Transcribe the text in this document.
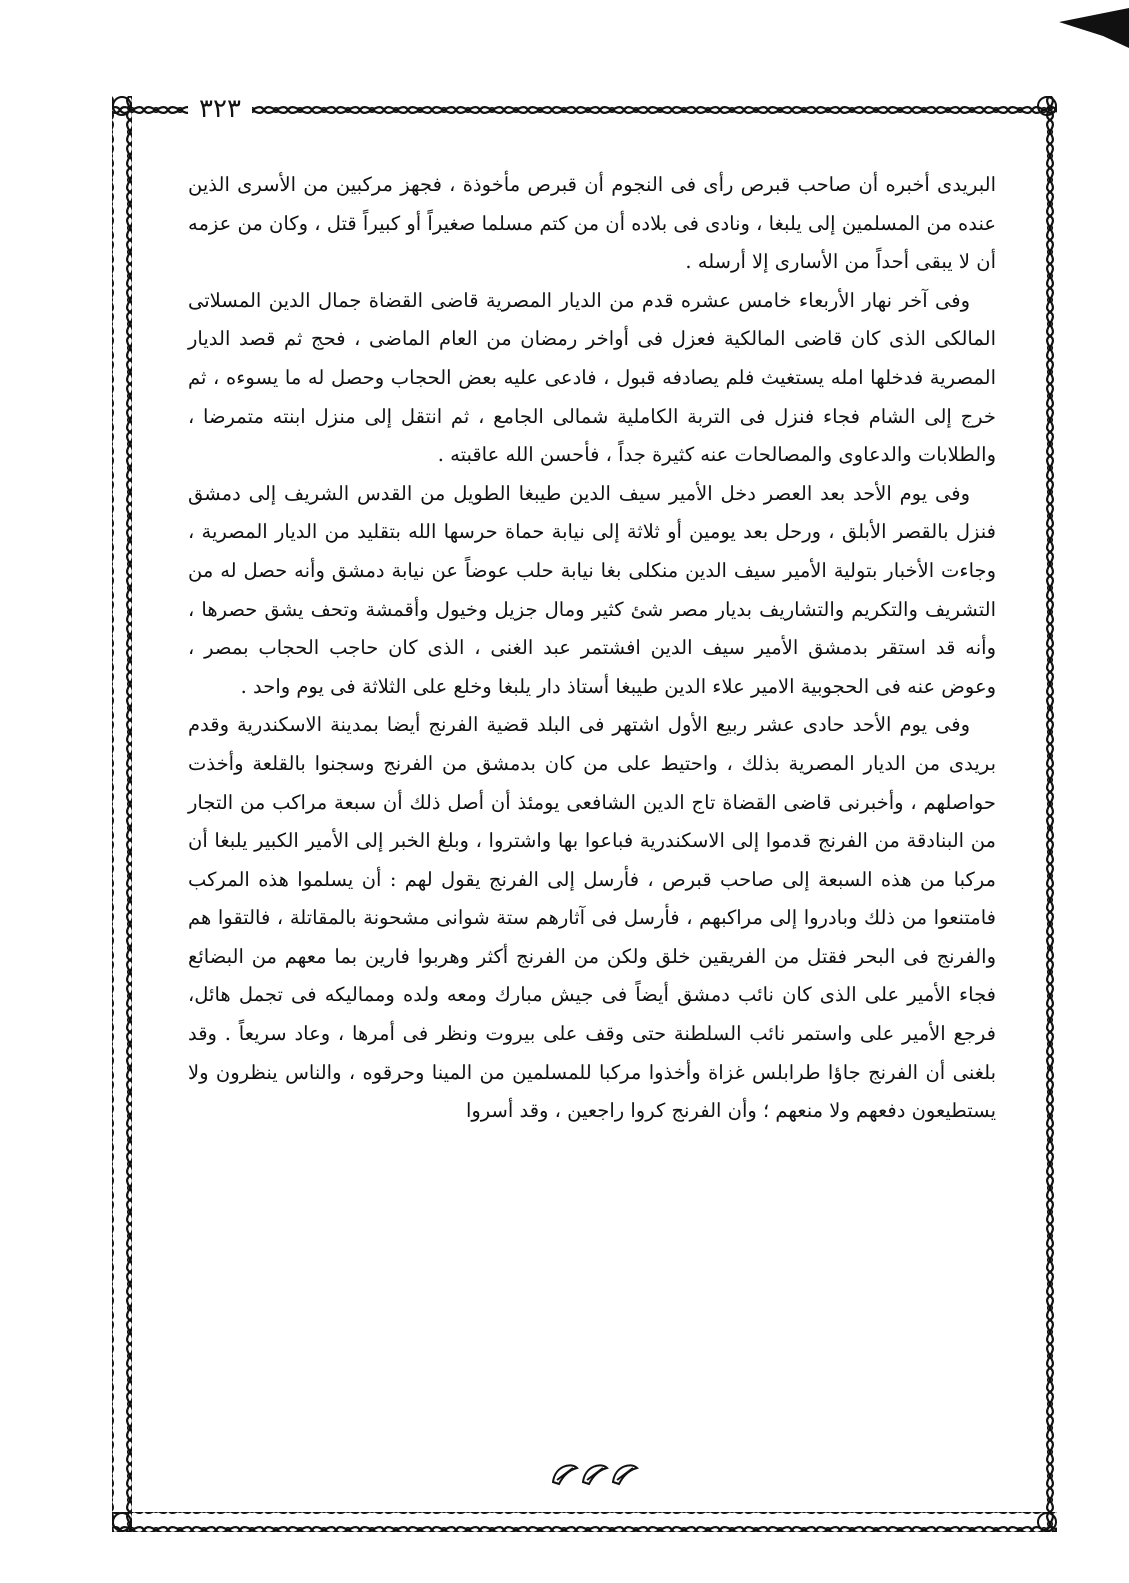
٣٢٣

البريدى أخبره أن صاحب قبرص رأى فى النجوم أن قبرص مأخوذة ، فجهز مركبين من الأسرى الذين عنده من المسلمين إلى يلبغا ، ونادى فى بلاده أن من كتم مسلما صغيراً أو كبيراً قتل ، وكان من عزمه أن لا يبقى أحداً من الأسارى إلا أرسله .

وفى آخر نهار الأربعاء خامس عشره قدم من الديار المصرية قاضى القضاة جمال الدين المسلاتى المالكى الذى كان قاضى المالكية فعزل فى أواخر رمضان من العام الماضى ، فحج ثم قصد الديار المصرية فدخلها امله يستغيث فلم يصادفه قبول ، فادعى عليه بعض الحجاب وحصل له ما يسوءه ، ثم خرج إلى الشام فجاء فنزل فى التربة الكاملية شمالى الجامع ، ثم انتقل إلى منزل ابنته متمرضا ، والطلابات والدعاوى والمصالحات عنه كثيرة جداً ، فأحسن الله عاقبته .

وفى يوم الأحد بعد العصر دخل الأمير سيف الدين طيبغا الطويل من القدس الشريف إلى دمشق فنزل بالقصر الأبلق ، ورحل بعد يومين أو ثلاثة إلى نيابة حماة حرسها الله بتقليد من الديار المصرية ، وجاءت الأخبار بتولية الأمير سيف الدين منكلى بغا نيابة حلب عوضاً عن نيابة دمشق وأنه حصل له من التشريف والتكريم والتشاريف بديار مصر شئ كثير ومال جزيل وخيول وأقمشة وتحف يشق حصرها ، وأنه قد استقر بدمشق الأمير سيف الدين افشتمر عبد الغنى ، الذى كان حاجب الحجاب بمصر ، وعوض عنه فى الحجوبية الامير علاء الدين طيبغا أستاذ دار يلبغا وخلع على الثلاثة فى يوم واحد .

وفى يوم الأحد حادى عشر ربيع الأول اشتهر فى البلد قضية الفرنج أيضا بمدينة الاسكندرية وقدم بريدى من الديار المصرية بذلك ، واحتيط على من كان بدمشق من الفرنج وسجنوا بالقلعة وأخذت حواصلهم ، وأخبرنى قاضى القضاة تاج الدين الشافعى يومئذ أن أصل ذلك أن سبعة مراكب من التجار من البنادقة من الفرنج قدموا إلى الاسكندرية فباعوا بها واشتروا ، وبلغ الخبر إلى الأمير الكبير يلبغا أن مركبا من هذه السبعة إلى صاحب قبرص ، فأرسل إلى الفرنج يقول لهم : أن يسلموا هذه المركب فامتنعوا من ذلك وبادروا إلى مراكبهم ، فأرسل فى آثارهم ستة شوانى مشحونة بالمقاتلة ، فالتقوا هم والفرنج فى البحر فقتل من الفريقين خلق ولكن من الفرنج أكثر وهربوا فارين بما معهم من البضائع فجاء الأمير على الذى كان نائب دمشق أيضاً فى جيش مبارك ومعه ولده ومماليكه فى تجمل هائل، فرجع الأمير على واستمر نائب السلطنة حتى وقف على بيروت ونظر فى أمرها ، وعاد سريعاً . وقد بلغنى أن الفرنج جاؤا طرابلس غزاة وأخذوا مركبا للمسلمين من المينا وحرقوه ، والناس ينظرون ولا يستطيعون دفعهم ولا منعهم ؛ وأن الفرنج كروا راجعين ، وقد أسروا
